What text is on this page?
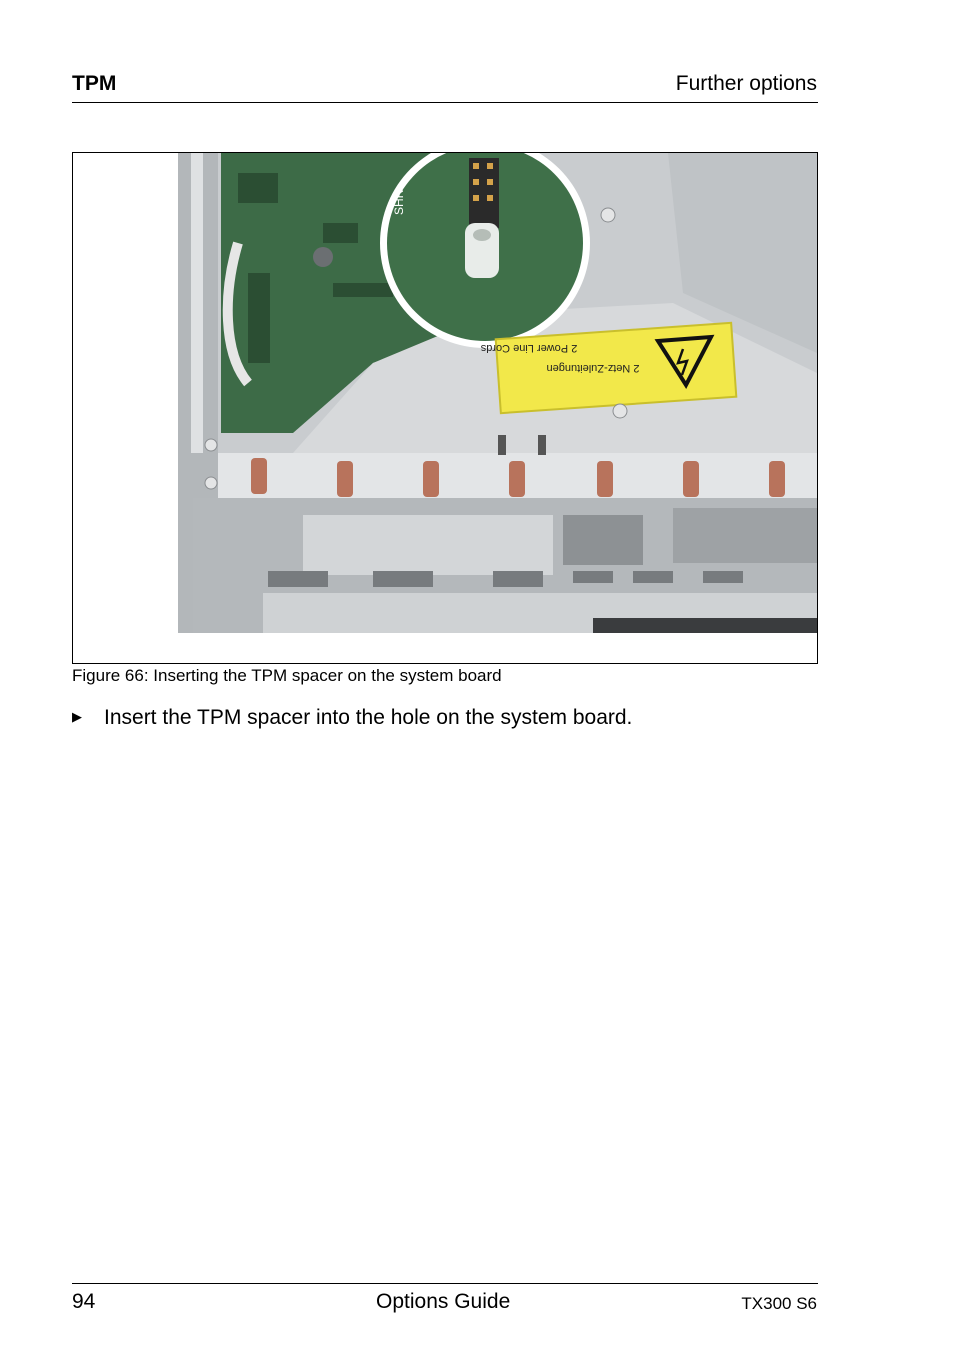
TPM	Further options
SHR
2 Power Line Cords
2 Netz-Zuleitungen
Figure 66: Inserting the TPM spacer on the system board
▶ Insert the TPM spacer into the hole on the system board.
94	Options Guide	TX300 S6
